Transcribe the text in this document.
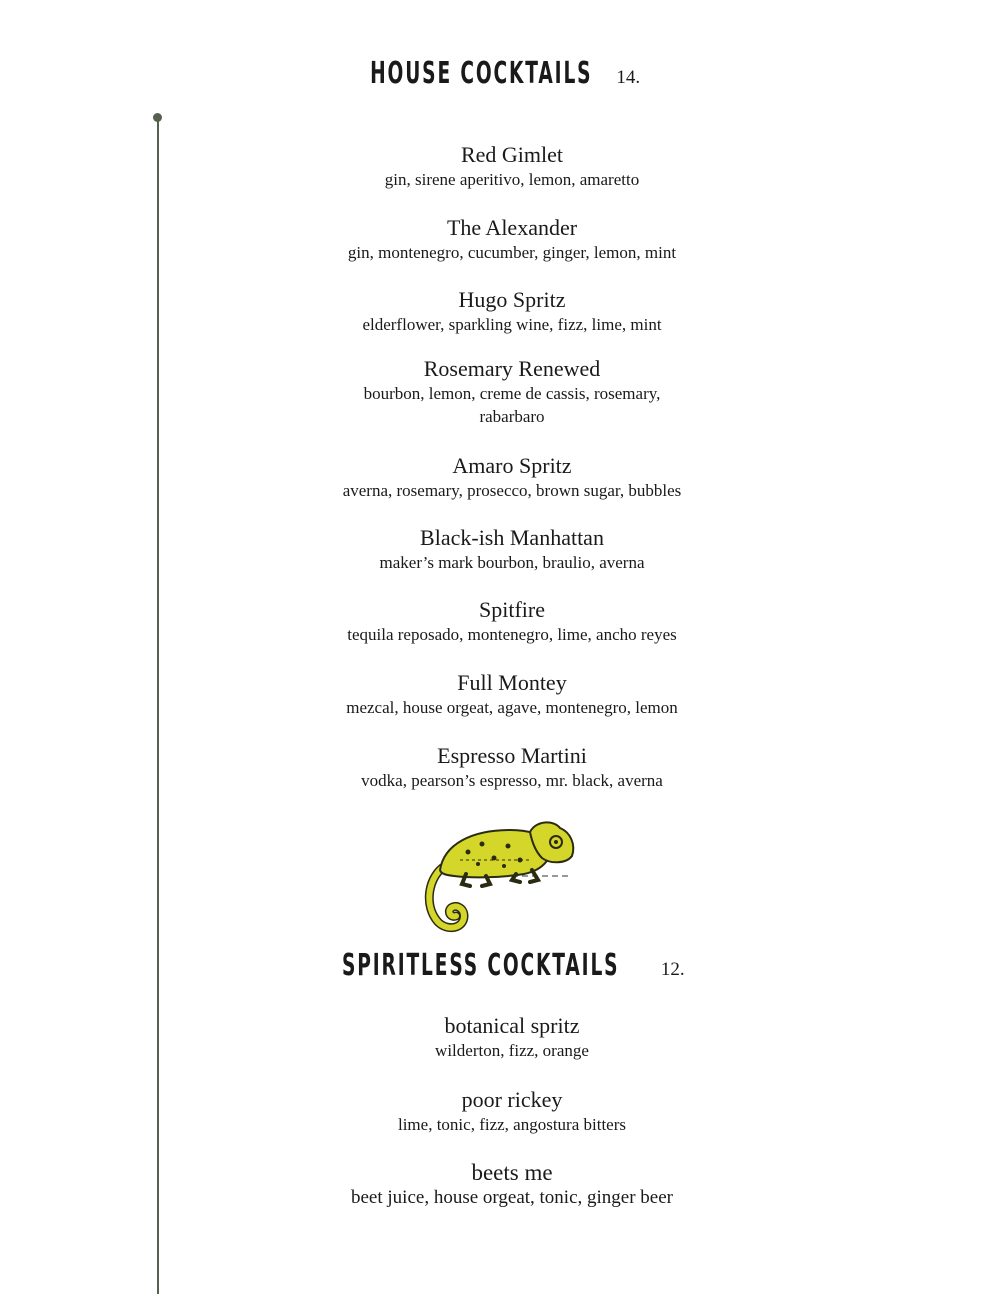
HOUSE COCKTAILS 14.
Red Gimlet
gin, sirene aperitivo, lemon, amaretto
The Alexander
gin, montenegro, cucumber, ginger, lemon, mint
Hugo Spritz
elderflower, sparkling wine, fizz, lime, mint
Rosemary Renewed
bourbon, lemon, creme de cassis, rosemary,
rabarbaro
Amaro Spritz
averna, rosemary, prosecco, brown sugar, bubbles
Black-ish Manhattan
maker’s mark bourbon, braulio, averna
Spitfire
tequila reposado, montenegro, lime, ancho reyes
Full Montey
mezcal, house orgeat, agave, montenegro, lemon
Espresso Martini
vodka, pearson’s espresso, mr. black, averna
SPIRITLESS COCKTAILS 12.
botanical spritz
wilderton, fizz, orange
poor rickey
lime, tonic, fizz, angostura bitters
beets me
beet juice, house orgeat, tonic, ginger beer
